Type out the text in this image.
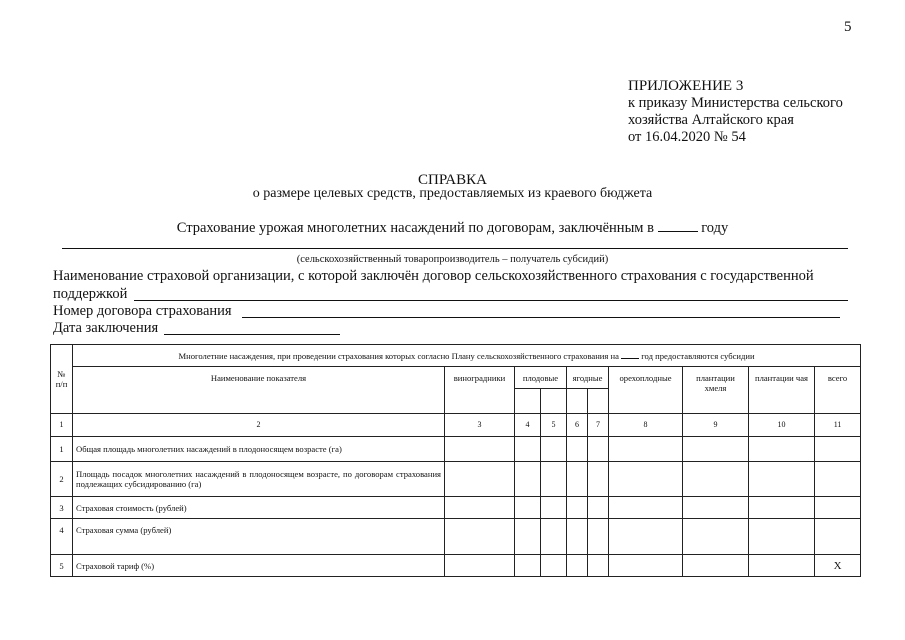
5
ПРИЛОЖЕНИЕ 3
к приказу Министерства сельского
хозяйства Алтайского края
от 16.04.2020 № 54
СПРАВКА
о размере целевых средств, предоставляемых из краевого бюджета
Страхование урожая многолетних насаждений по договорам, заключённым в	году
(сельскохозяйственный товаропроизводитель – получатель субсидий)
Наименование страховой организации, с которой заключён договор сельскохозяйственного страхования с государственной
поддержкой
Номер договора страхования
Дата заключения
№ п/п	Многолетние насаждения, при проведении страхования которых согласно Плану сельскохозяйственного страхования на год предоставляются субсидии									
	Наименование показателя	виноградники	плодовые		ягодные		орехоплодные	плантации хмеля	плантации чая	всего

1	2	3	4	5	6	7	8	9	10	11
1	Общая площадь многолетних насаждений в плодоносящем возрасте (га)									
2	Площадь посадок многолетних насаждений в плодоносящем возрасте, по договорам страхования подлежащих субсидированию (га)									
3	Страховая стоимость (рублей)									
4	Страховая сумма (рублей)									
5	Страховой тариф (%)									Х
